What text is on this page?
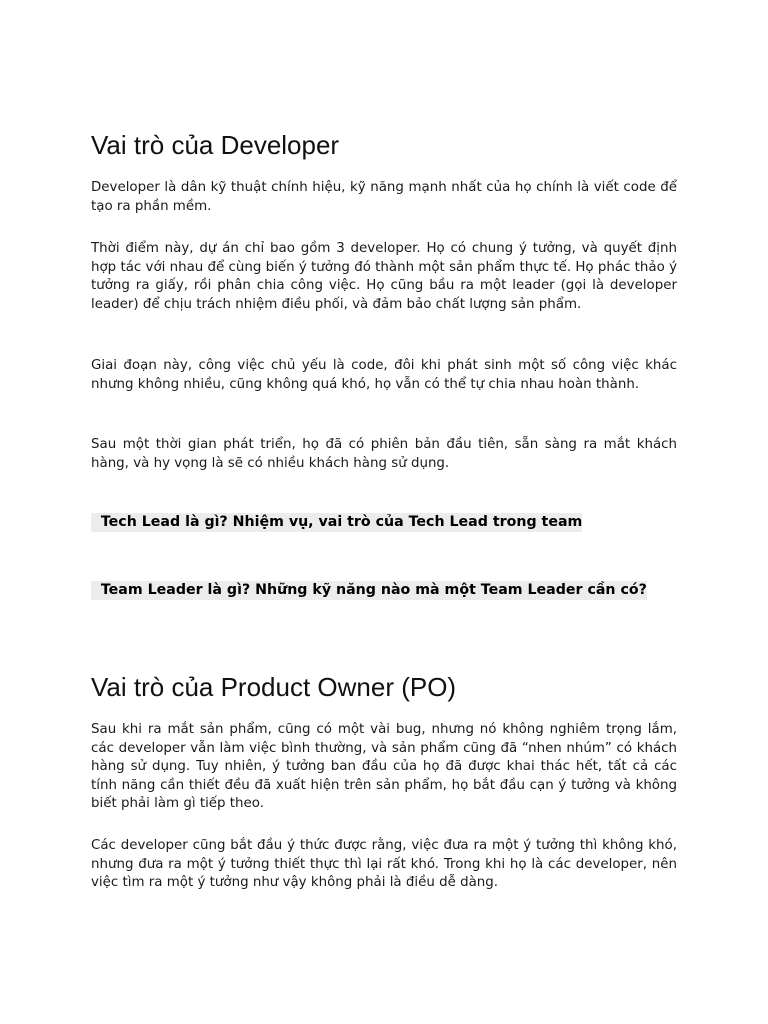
Vai trò của Developer

Developer là dân kỹ thuật chính hiệu, kỹ năng mạnh nhất của họ chính là viết code để tạo ra phần mềm.

Thời điểm này, dự án chỉ bao gồm 3 developer. Họ có chung ý tưởng, và quyết định hợp tác với nhau để cùng biến ý tưởng đó thành một sản phẩm thực tế. Họ phác thảo ý tưởng ra giấy, rồi phân chia công việc. Họ cũng bầu ra một leader (gọi là developer leader) để chịu trách nhiệm điều phối, và đảm bảo chất lượng sản phẩm.

Giai đoạn này, công việc chủ yếu là code, đôi khi phát sinh một số công việc khác nhưng không nhiều, cũng không quá khó, họ vẫn có thể tự chia nhau hoàn thành.

Sau một thời gian phát triển, họ đã có phiên bản đầu tiên, sẵn sàng ra mắt khách hàng, và hy vọng là sẽ có nhiều khách hàng sử dụng.

Tech Lead là gì? Nhiệm vụ, vai trò của Tech Lead trong team

Team Leader là gì? Những kỹ năng nào mà một Team Leader cần có?

Vai trò của Product Owner (PO)

Sau khi ra mắt sản phẩm, cũng có một vài bug, nhưng nó không nghiêm trọng lắm, các developer vẫn làm việc bình thường, và sản phẩm cũng đã “nhen nhúm” có khách hàng sử dụng. Tuy nhiên, ý tưởng ban đầu của họ đã được khai thác hết, tất cả các tính năng cần thiết đều đã xuất hiện trên sản phẩm, họ bắt đầu cạn ý tưởng và không biết phải làm gì tiếp theo.

Các developer cũng bắt đầu ý thức được rằng, việc đưa ra một ý tưởng thì không khó, nhưng đưa ra một ý tưởng thiết thực thì lại rất khó. Trong khi họ là các developer, nên việc tìm ra một ý tưởng như vậy không phải là điều dễ dàng.
